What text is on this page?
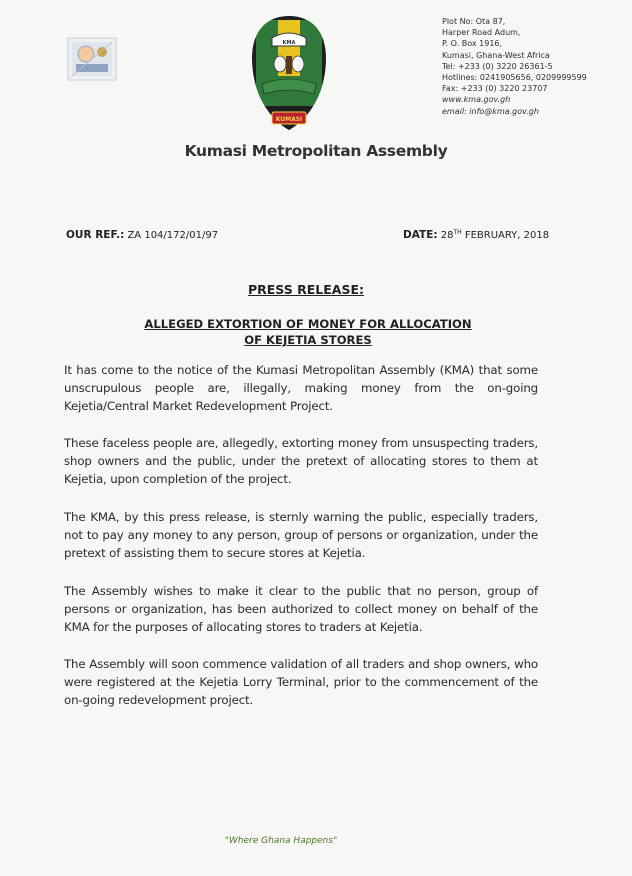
KMA
KUMASI
Plot No: Ota 87,
Harper Road Adum,
P. O. Box 1916,
Kumasi, Ghana-West Africa
Tel: +233 (0) 3220 26361-5
Hotlines: 0241905656, 0209999599
Fax: +233 (0) 3220 23707
www.kma.gov.gh
email: info@kma.gov.gh
Kumasi Metropolitan Assembly
OUR REF.: ZA 104/172/01/97	DATE: 28TH FEBRUARY, 2018
PRESS RELEASE:
ALLEGED EXTORTION OF MONEY FOR ALLOCATION
OF KEJETIA STORES

It has come to the notice of the Kumasi Metropolitan Assembly (KMA) that some unscrupulous people are, illegally, making money from the on-going Kejetia/Central Market Redevelopment Project.

These faceless people are, allegedly, extorting money from unsuspecting traders, shop owners and the public, under the pretext of allocating stores to them at Kejetia, upon completion of the project.

The KMA, by this press release, is sternly warning the public, especially traders, not to pay any money to any person, group of persons or organization, under the pretext of assisting them to secure stores at Kejetia.

The Assembly wishes to make it clear to the public that no person, group of persons or organization, has been authorized to collect money on behalf of the KMA for the purposes of allocating stores to traders at Kejetia.

The Assembly will soon commence validation of all traders and shop owners, who were registered at the Kejetia Lorry Terminal, prior to the commencement of the on-going redevelopment project.

"Where Ghana Happens"
